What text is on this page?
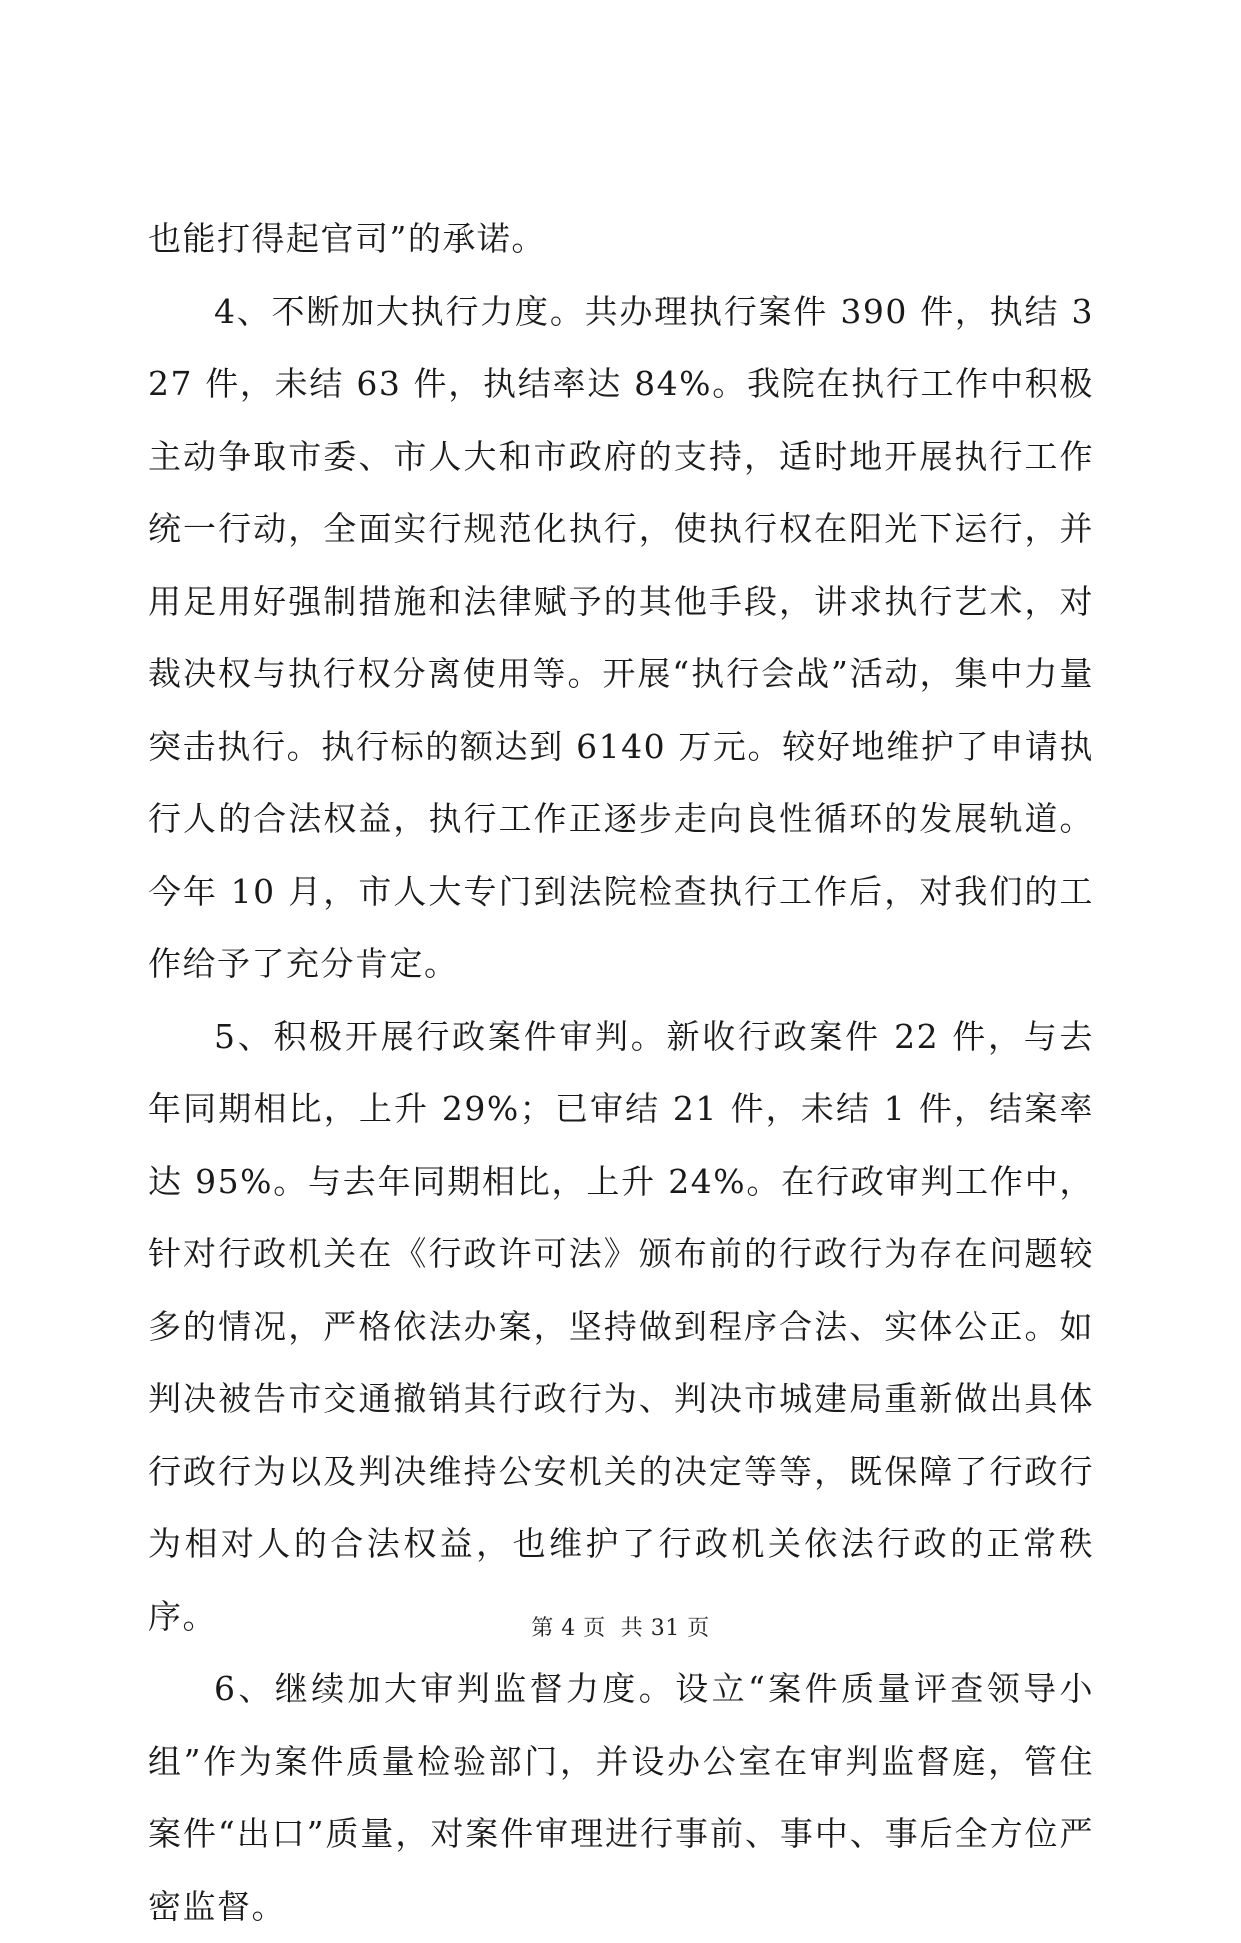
也能打得起官司”的承诺。

4、不断加大执行力度。共办理执行案件 390 件，执结 327 件，未结 63 件，执结率达 84%。我院在执行工作中积极主动争取市委、市人大和市政府的支持，适时地开展执行工作统一行动，全面实行规范化执行，使执行权在阳光下运行，并用足用好强制措施和法律赋予的其他手段，讲求执行艺术，对裁决权与执行权分离使用等。开展“执行会战”活动，集中力量突击执行。执行标的额达到 6140 万元。较好地维护了申请执行人的合法权益，执行工作正逐步走向良性循环的发展轨道。今年 10 月，市人大专门到法院检查执行工作后，对我们的工作给予了充分肯定。

5、积极开展行政案件审判。新收行政案件 22 件，与去年同期相比，上升 29%；已审结 21 件，未结 1 件，结案率达 95%。与去年同期相比，上升 24%。在行政审判工作中，针对行政机关在《行政许可法》颁布前的行政行为存在问题较多的情况，严格依法办案，坚持做到程序合法、实体公正。如判决被告市交通撤销其行政行为、判决市城建局重新做出具体行政行为以及判决维持公安机关的决定等等，既保障了行政行为相对人的合法权益，也维护了行政机关依法行政的正常秩序。

6、继续加大审判监督力度。设立“案件质量评查领导小组”作为案件质量检验部门，并设办公室在审判监督庭，管住案件“出口”质量，对案件审理进行事前、事中、事后全方位严密监督。

第 4 页  共 31 页
